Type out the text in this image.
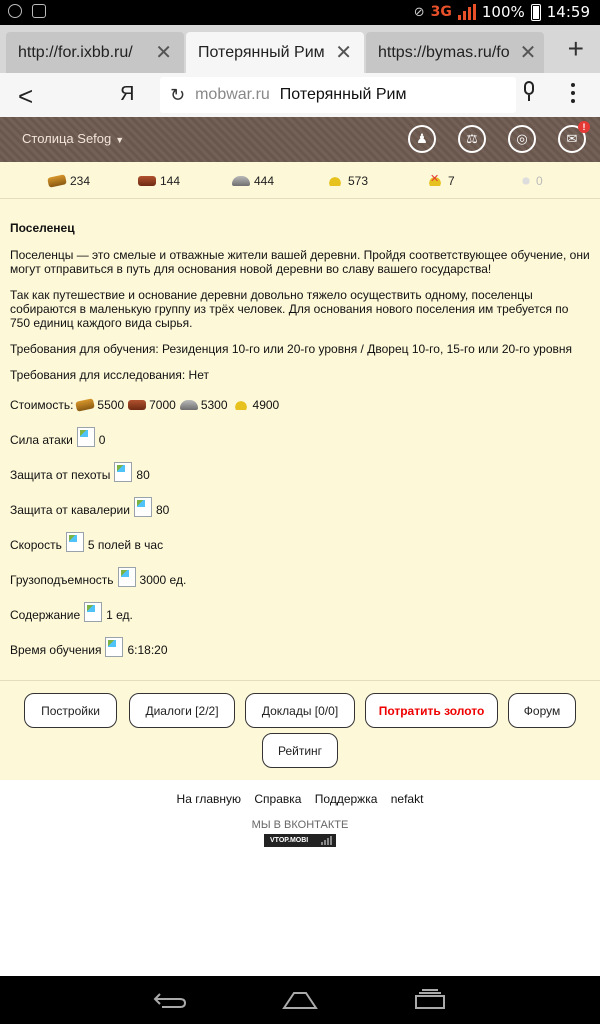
⊘ 3G 100% 14:59
http://for.ixbb.ru/	✕ Потерянный Рим ✕ https://bymas.ru/fo ✕ +
<	Я ↻ mobwar.ru Потерянный Рим
Столица Sefog ▼	♟	⚖	◎	✉
!
234	144	444	573	✕ 7	0
Поселенец

Поселенцы — это смелые и отважные жители вашей деревни. Пройдя соответствующее обучение, они могут отправиться в путь для основания новой деревни во славу вашего государства!

Так как путешествие и основание деревни довольно тяжело осуществить одному, поселенцы собираются в маленькую группу из трёх человек. Для основания нового поселения им требуется по 750 единиц каждого вида сырья.

Требования для обучения: Резиденция 10-го или 20-го уровня / Дворец 10-го, 15-го или 20-го уровня

Требования для исследования: Нет

Стоимость: 5500 7000 5300 4900
Сила атаки 0
Защита от пехоты 80
Защита от кавалерии 80
Скорость 5 полей в час
Грузоподъемность 3000 ед.
Содержание 1 ед.
Время обучения 6:18:20
Постройки	Диалоги [2/2]	Доклады [0/0]	Потратить золото	Форум
Рейтинг
На главную Справка Поддержка nefakt
МЫ В ВКОНТАКТЕ
VTOP.MOBI
